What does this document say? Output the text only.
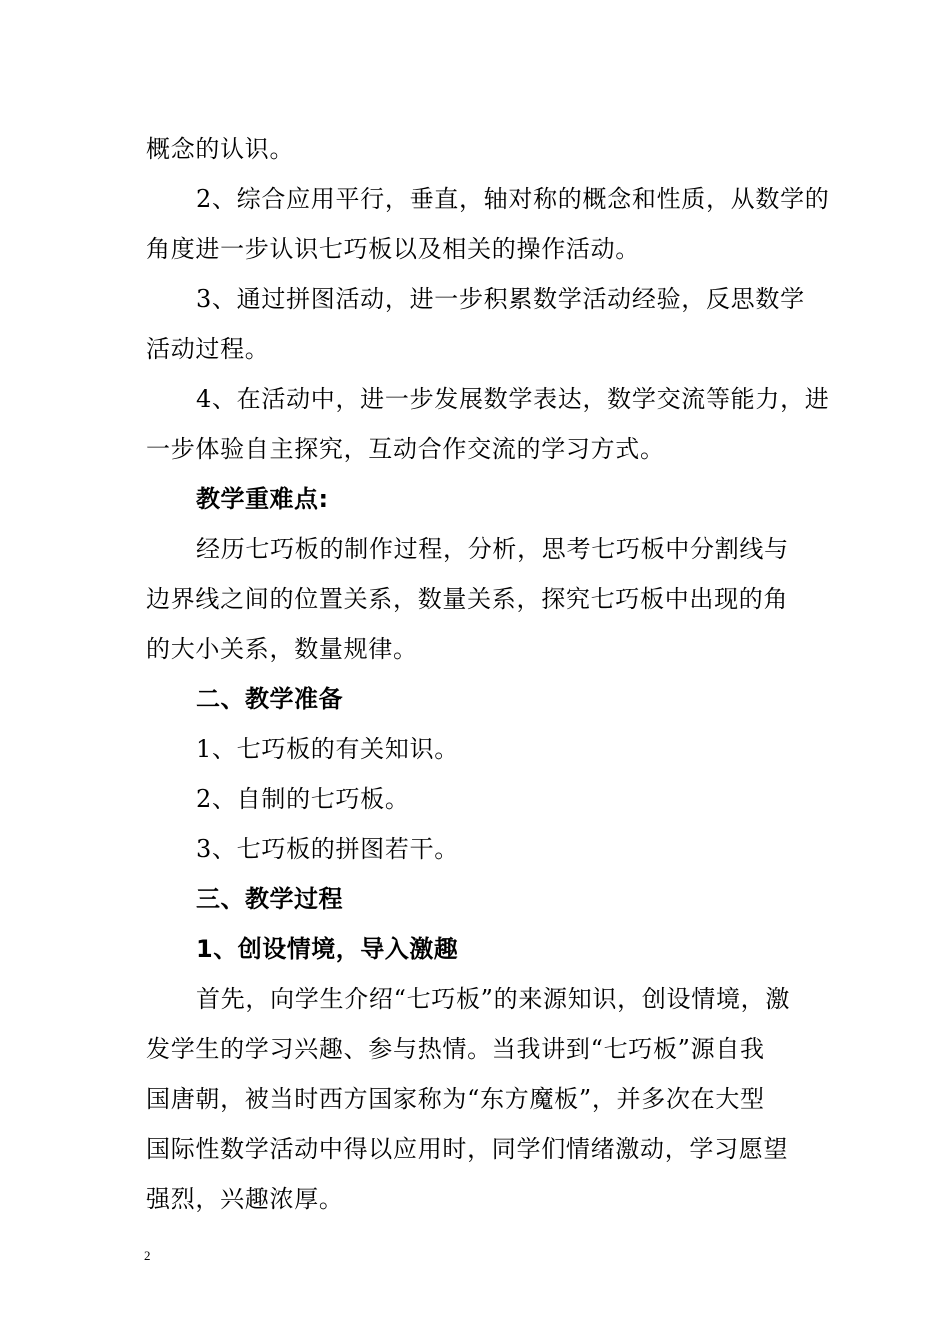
概念的认识。
2、综合应用平行，垂直，轴对称的概念和性质，从数学的
角度进一步认识七巧板以及相关的操作活动。
3、通过拼图活动，进一步积累数学活动经验，反思数学
活动过程。
4、在活动中，进一步发展数学表达，数学交流等能力，进
一步体验自主探究，互动合作交流的学习方式。
教学重难点:
经历七巧板的制作过程，分析，思考七巧板中分割线与
边界线之间的位置关系，数量关系，探究七巧板中出现的角
的大小关系，数量规律。
二、教学准备
1、七巧板的有关知识。
2、自制的七巧板。
3、七巧板的拼图若干。
三、教学过程
1、创设情境，导入激趣
首先，向学生介绍“七巧板”的来源知识，创设情境，激
发学生的学习兴趣、参与热情。当我讲到“七巧板”源自我
国唐朝，被当时西方国家称为“东方魔板”，并多次在大型
国际性数学活动中得以应用时，同学们情绪激动，学习愿望
强烈，兴趣浓厚。
2
